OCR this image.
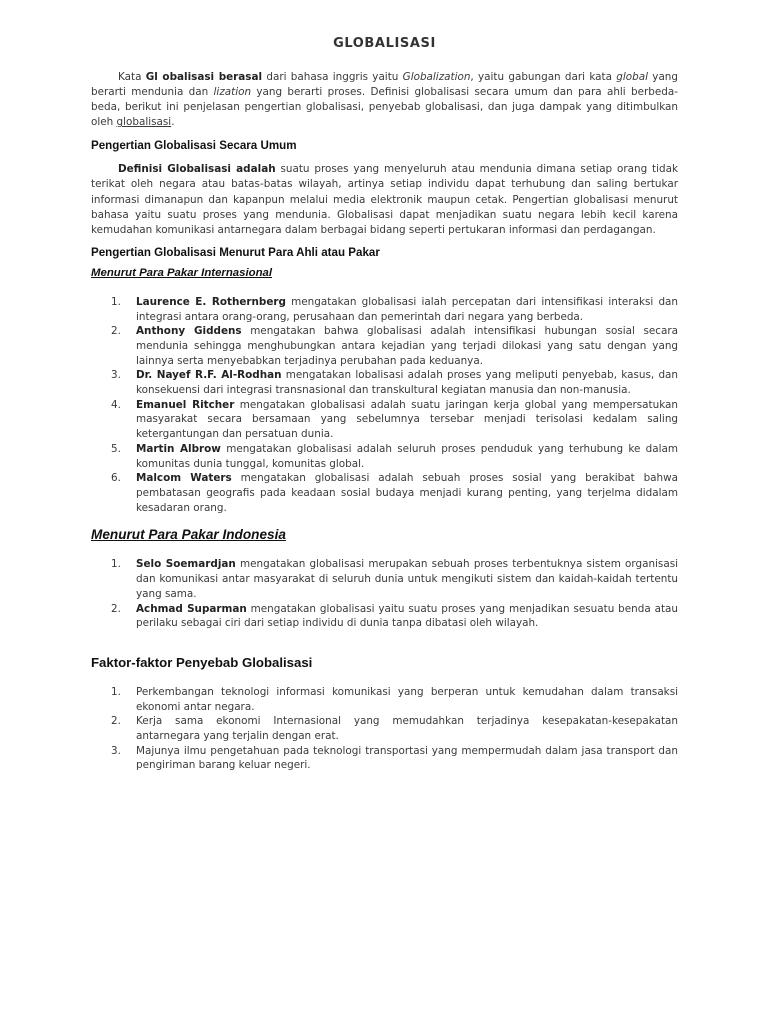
GLOBALISASI

Kata Gl obalisasi berasal dari bahasa inggris yaitu Globalization, yaitu gabungan dari kata global yang berarti mendunia dan lization yang berarti proses. Definisi globalisasi secara umum dan para ahli berbeda-beda, berikut ini penjelasan pengertian globalisasi, penyebab globalisasi, dan juga dampak yang ditimbulkan oleh globalisasi.

Pengertian Globalisasi Secara Umum

Definisi Globalisasi adalah suatu proses yang menyeluruh atau mendunia dimana setiap orang tidak terikat oleh negara atau batas-batas wilayah, artinya setiap individu dapat terhubung dan saling bertukar informasi dimanapun dan kapanpun melalui media elektronik maupun cetak. Pengertian globalisasi menurut bahasa yaitu suatu proses yang mendunia. Globalisasi dapat menjadikan suatu negara lebih kecil karena kemudahan komunikasi antarnegara dalam berbagai bidang seperti pertukaran informasi dan perdagangan.

Pengertian Globalisasi Menurut Para Ahli atau Pakar
Menurut Para Pakar Internasional
1. Laurence E. Rothernberg mengatakan globalisasi ialah percepatan dari intensifikasi interaksi dan integrasi antara orang-orang, perusahaan dan pemerintah dari negara yang berbeda.
2. Anthony Giddens mengatakan bahwa globalisasi adalah intensifikasi hubungan sosial secara mendunia sehingga menghubungkan antara kejadian yang terjadi dilokasi yang satu dengan yang lainnya serta menyebabkan terjadinya perubahan pada keduanya.
3. Dr. Nayef R.F. Al-Rodhan mengatakan lobalisasi adalah proses yang meliputi penyebab, kasus, dan konsekuensi dari integrasi transnasional dan transkultural kegiatan manusia dan non-manusia.
4. Emanuel Ritcher mengatakan globalisasi adalah suatu jaringan kerja global yang mempersatukan masyarakat secara bersamaan yang sebelumnya tersebar menjadi terisolasi kedalam saling ketergantungan dan persatuan dunia.
5. Martin Albrow mengatakan globalisasi adalah seluruh proses penduduk yang terhubung ke dalam komunitas dunia tunggal, komunitas global.
6. Malcom Waters mengatakan globalisasi adalah sebuah proses sosial yang berakibat bahwa pembatasan geografis pada keadaan sosial budaya menjadi kurang penting, yang terjelma didalam kesadaran orang.
Menurut Para Pakar Indonesia
1. Selo Soemardjan mengatakan globalisasi merupakan sebuah proses terbentuknya sistem organisasi dan komunikasi antar masyarakat di seluruh dunia untuk mengikuti sistem dan kaidah-kaidah tertentu yang sama.
2. Achmad Suparman mengatakan globalisasi yaitu suatu proses yang menjadikan sesuatu benda atau perilaku sebagai ciri dari setiap individu di dunia tanpa dibatasi oleh wilayah.
Faktor-faktor Penyebab Globalisasi
1. Perkembangan teknologi informasi komunikasi yang berperan untuk kemudahan dalam transaksi ekonomi antar negara.
2. Kerja sama ekonomi Internasional yang memudahkan terjadinya kesepakatan-kesepakatan antarnegara yang terjalin dengan erat.
3. Majunya ilmu pengetahuan pada teknologi transportasi yang mempermudah dalam jasa transport dan pengiriman barang keluar negeri.
